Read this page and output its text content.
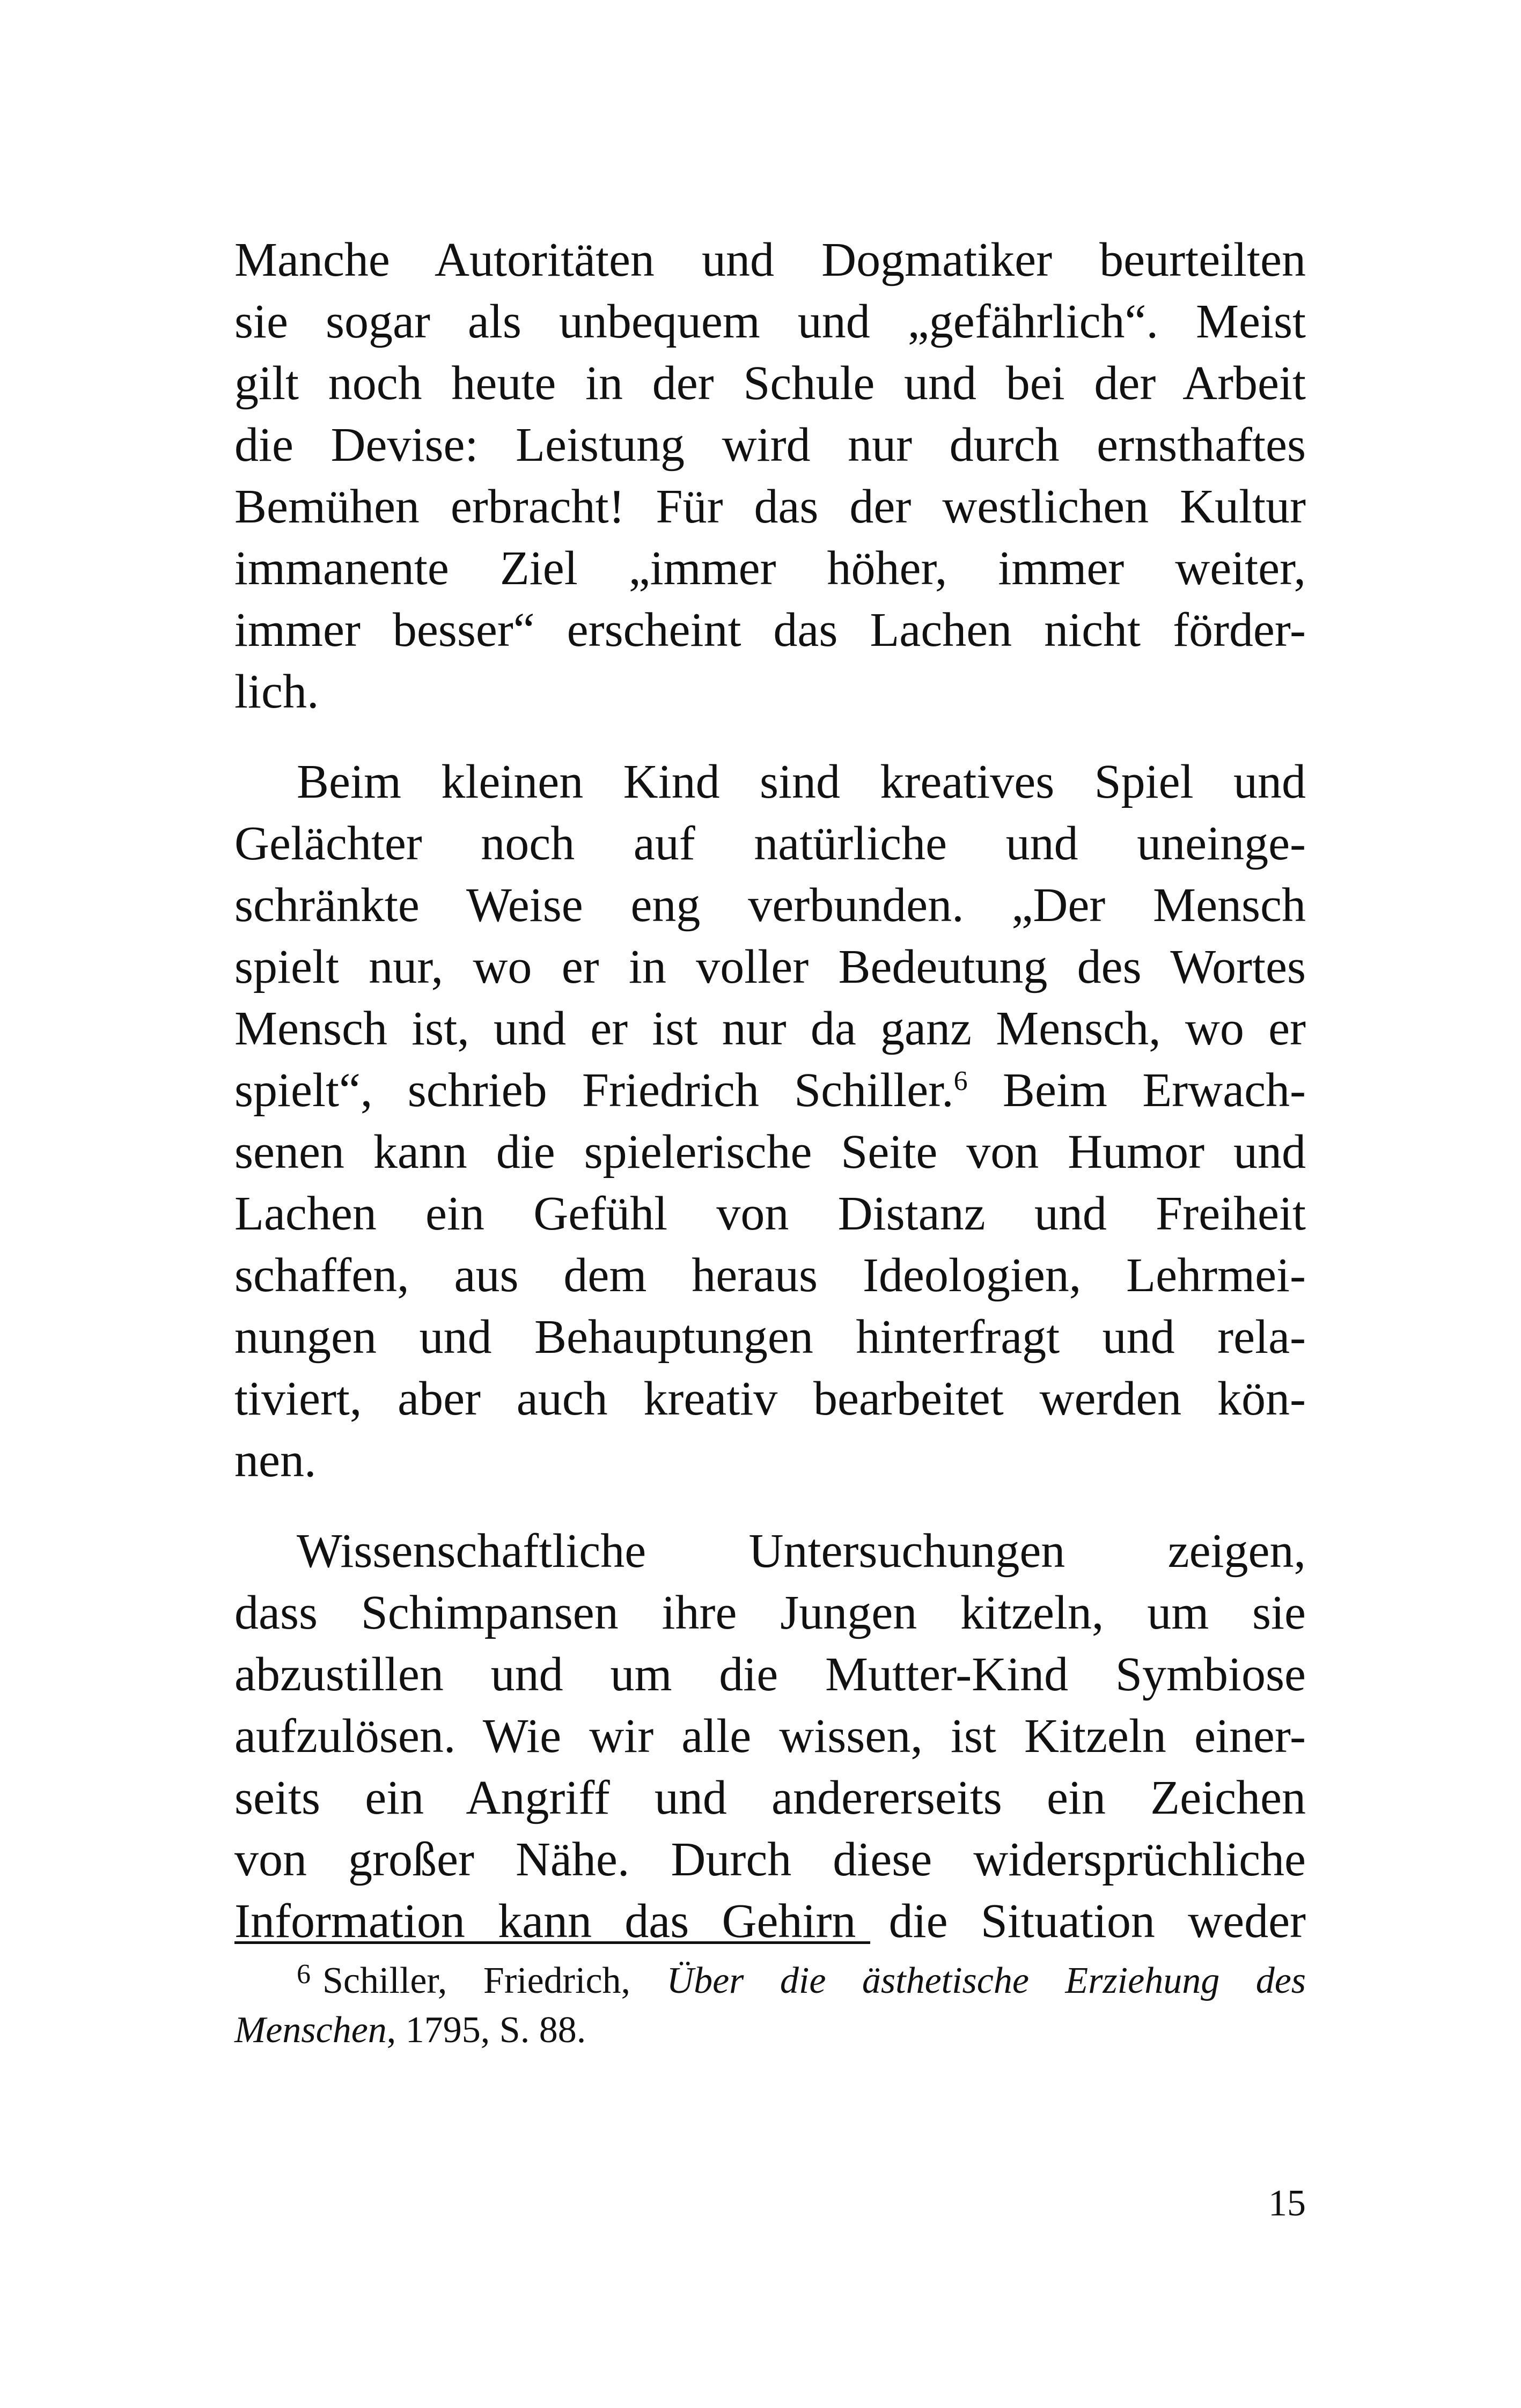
Manche Autoritäten und Dogmatiker beurteilten
sie sogar als unbequem und „gefährlich“. Meist
gilt noch heute in der Schule und bei der Arbeit
die Devise: Leistung wird nur durch ernsthaftes
Bemühen erbracht! Für das der westlichen Kultur
immanente Ziel „immer höher, immer weiter,
immer besser“ erscheint das Lachen nicht förder-
lich.
Beim kleinen Kind sind kreatives Spiel und
Gelächter noch auf natürliche und uneinge-
schränkte Weise eng verbunden. „Der Mensch
spielt nur, wo er in voller Bedeutung des Wortes
Mensch ist, und er ist nur da ganz Mensch, wo er
spielt“, schrieb Friedrich Schiller.$^6$ Beim Erwach-
senen kann die spielerische Seite von Humor und
Lachen ein Gefühl von Distanz und Freiheit
schaffen, aus dem heraus Ideologien, Lehrmei-
nungen und Behauptungen hinterfragt und rela-
tiviert, aber auch kreativ bearbeitet werden kön-
nen.
Wissenschaftliche Untersuchungen zeigen,
dass Schimpansen ihre Jungen kitzeln, um sie
abzustillen und um die Mutter-Kind Symbiose
aufzulösen. Wie wir alle wissen, ist Kitzeln einer-
seits ein Angriff und andererseits ein Zeichen
von großer Nähe. Durch diese widersprüchliche
Information kann das Gehirn die Situation weder
$^6$ Schiller, Friedrich, Über die ästhetische Erziehung des
Menschen, 1795, S. 88.
15
